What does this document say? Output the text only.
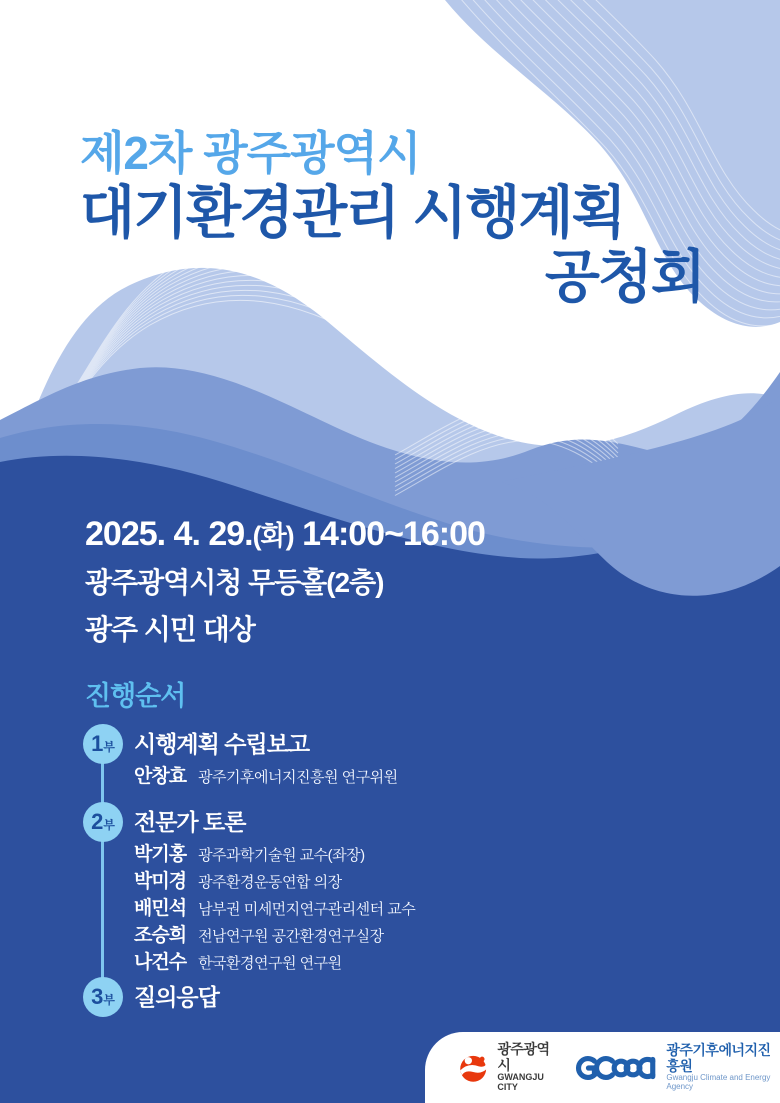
제2차 광주광역시
대기환경관리 시행계획
공청회
2025. 4. 29.(화) 14:00~16:00
광주광역시청 무등홀(2층)
광주 시민 대상
진행순서
1 부 시행계획 수립보고
안창효 광주기후에너지진흥원 연구위원
2 부 전문가 토론
박기홍 광주과학기술원 교수(좌장)
박미경 광주환경운동연합 의장
배민석 남부권 미세먼지연구관리센터 교수
조승희 전남연구원 공간환경연구실장
나건수 한국환경연구원 연구원
3 부 질의응답
광주광역시
GWANGJU CITY
광주기후에너지진흥원
Gwangju Climate and Energy Agency
